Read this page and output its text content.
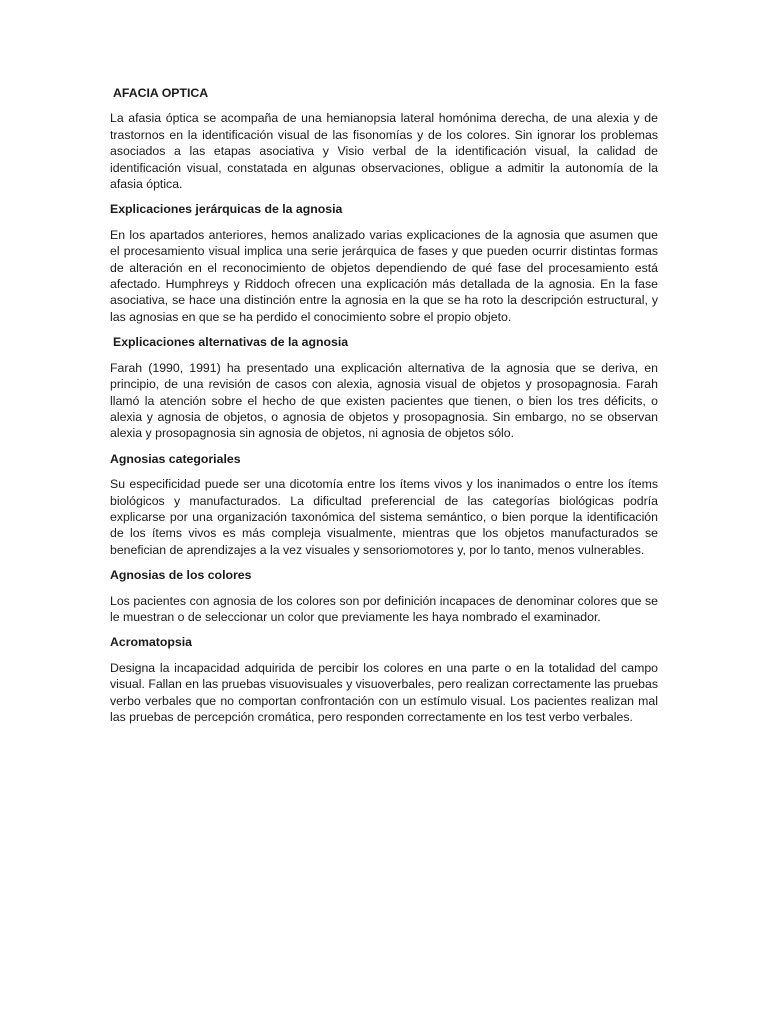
AFACIA OPTICA
La afasia óptica se acompaña de una hemianopsia lateral homónima derecha, de una alexia y de trastornos en la identificación visual de las fisonomías y de los colores. Sin ignorar los problemas asociados a las etapas asociativa y Visio verbal de la identificación visual, la calidad de identificación visual, constatada en algunas observaciones, obligue a admitir la autonomía de la afasia óptica.
Explicaciones jerárquicas de la agnosia
En los apartados anteriores, hemos analizado varias explicaciones de la agnosia que asumen que el procesamiento visual implica una serie jerárquica de fases y que pueden ocurrir distintas formas de alteración en el reconocimiento de objetos dependiendo de qué fase del procesamiento está afectado. Humphreys y Riddoch ofrecen una explicación más detallada de la agnosia. En la fase asociativa, se hace una distinción entre la agnosia en la que se ha roto la descripción estructural, y las agnosias en que se ha perdido el conocimiento sobre el propio objeto.
Explicaciones alternativas de la agnosia
Farah (1990, 1991) ha presentado una explicación alternativa de la agnosia que se deriva, en principio, de una revisión de casos con alexia, agnosia visual de objetos y prosopagnosia. Farah llamó la atención sobre el hecho de que existen pacientes que tienen, o bien los tres déficits, o alexia y agnosia de objetos, o agnosia de objetos y prosopagnosia. Sin embargo, no se observan alexia y prosopagnosia sin agnosia de objetos, ni agnosia de objetos sólo.
Agnosias categoriales
Su especificidad puede ser una dicotomía entre los ítems vivos y los inanimados o entre los ítems biológicos y manufacturados. La dificultad preferencial de las categorías biológicas podría explicarse por una organización taxonómica del sistema semántico, o bien porque la identificación de los ítems vivos es más compleja visualmente, mientras que los objetos manufacturados se benefician de aprendizajes a la vez visuales y sensoriomotores y, por lo tanto, menos vulnerables.
Agnosias de los colores
Los pacientes con agnosia de los colores son por definición incapaces de denominar colores que se le muestran o de seleccionar un color que previamente les haya nombrado el examinador.
Acromatopsia
Designa la incapacidad adquirida de percibir los colores en una parte o en la totalidad del campo visual. Fallan en las pruebas visuovisuales y visuoverbales, pero realizan correctamente las pruebas verbo verbales que no comportan confrontación con un estímulo visual. Los pacientes realizan mal las pruebas de percepción cromática, pero responden correctamente en los test verbo verbales.
